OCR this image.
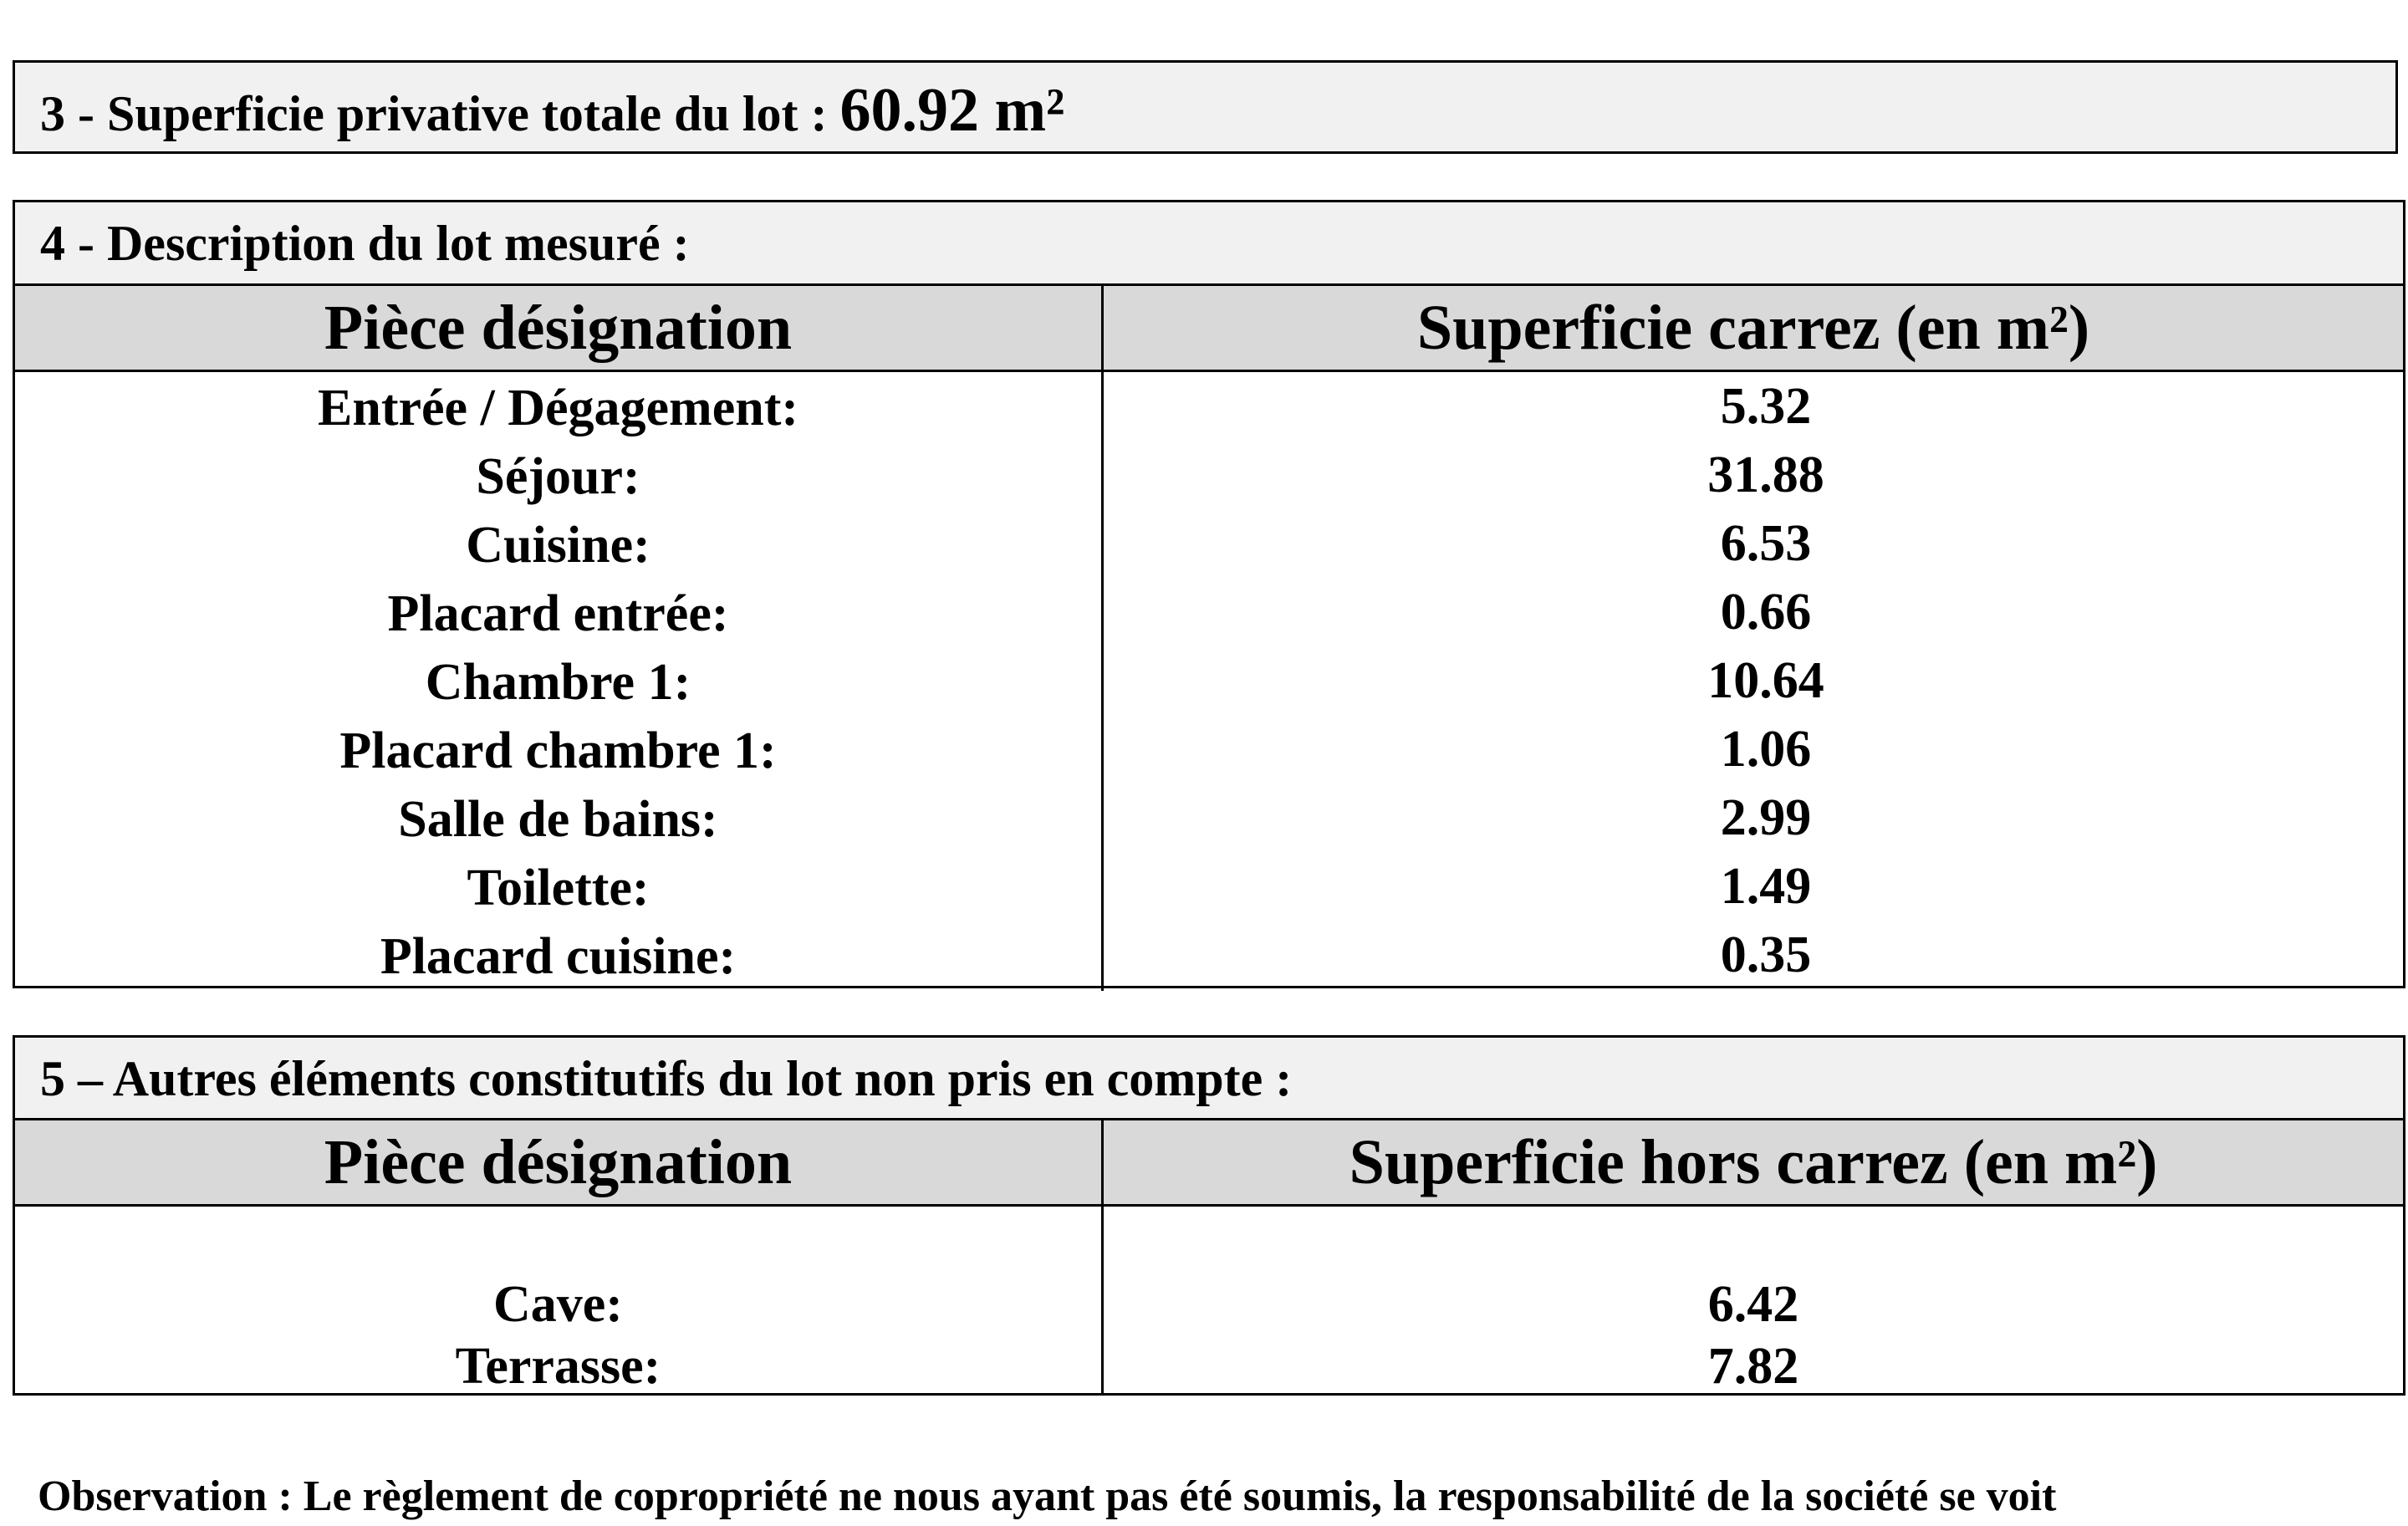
3 - Superficie privative totale du lot : 60.92 m²
4 - Description du lot mesuré :
Pièce désignation	Superficie carrez (en m²)
Entrée / Dégagement:
Séjour:
Cuisine:
Placard entrée:
Chambre 1:
Placard chambre 1:
Salle de bains:
Toilette:
Placard cuisine:
5.32
31.88
6.53
0.66
10.64
1.06
2.99
1.49
0.35
5 – Autres éléments constitutifs du lot non pris en compte :
Pièce désignation	Superficie hors carrez (en m²)
Cave:
Terrasse:
6.42
7.82
Observation : Le règlement de copropriété ne nous ayant pas été soumis, la responsabilité de la société se voit
